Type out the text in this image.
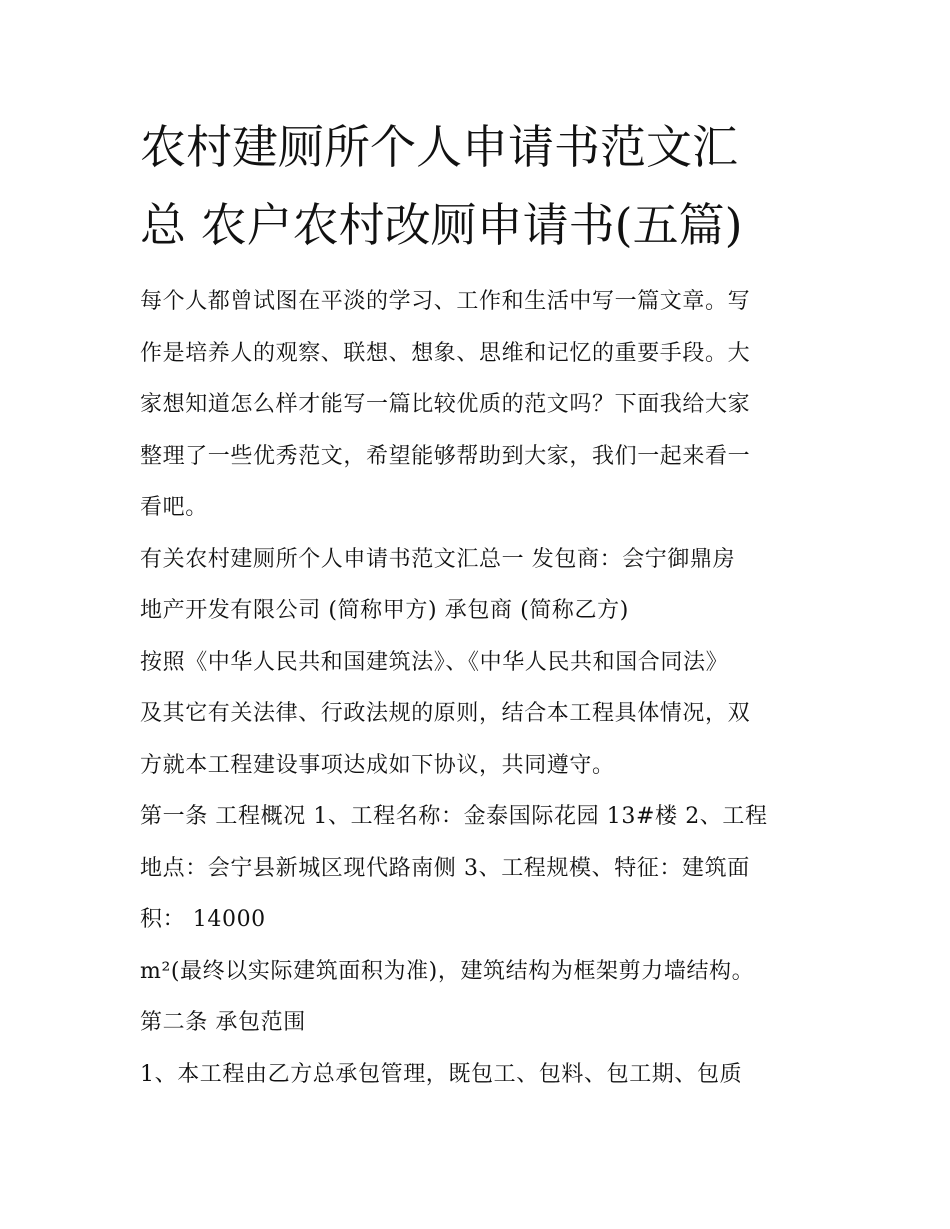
农村建厕所个人申请书范文汇
总 农户农村改厕申请书(五篇)

每个人都曾试图在平淡的学习、工作和生活中写一篇文章。写
作是培养人的观察、联想、想象、思维和记忆的重要手段。大
家想知道怎么样才能写一篇比较优质的范文吗？下面我给大家
整理了一些优秀范文，希望能够帮助到大家，我们一起来看一
看吧。

有关农村建厕所个人申请书范文汇总一 发包商：会宁御鼎房
地产开发有限公司 (简称甲方) 承包商 (简称乙方)

按照《中华人民共和国建筑法》、《中华人民共和国合同法》
及其它有关法律、行政法规的原则，结合本工程具体情况，双
方就本工程建设事项达成如下协议，共同遵守。

第一条 工程概况 1、工程名称：金泰国际花园 13#楼 2、工程
地点：会宁县新城区现代路南侧 3、工程规模、特征：建筑面
积： 14000

m²(最终以实际建筑面积为准)，建筑结构为框架剪力墙结构。

第二条 承包范围

1、本工程由乙方总承包管理，既包工、包料、包工期、包质
